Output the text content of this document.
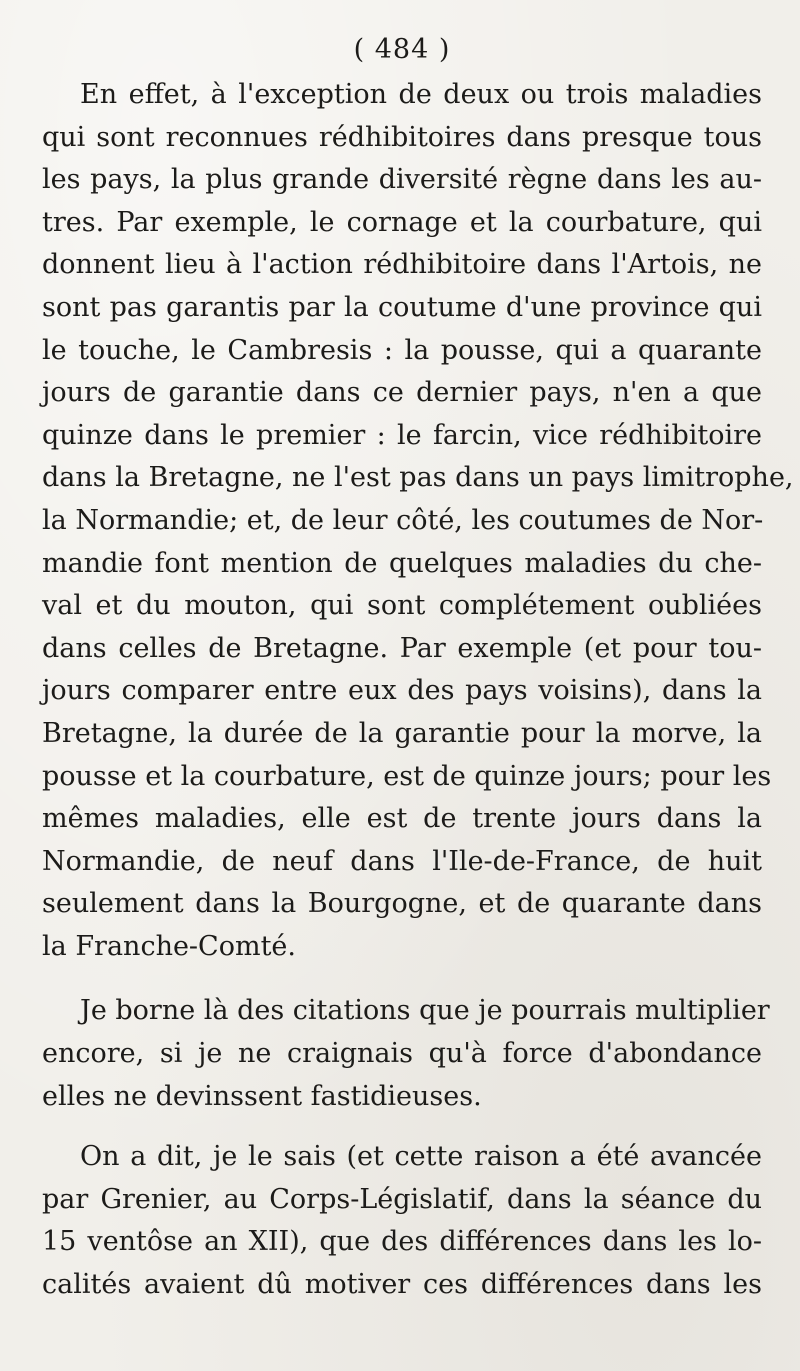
( 484 )
En effet, à l'exception de deux ou trois maladies
qui sont reconnues rédhibitoires dans presque tous
les pays, la plus grande diversité règne dans les au-
tres. Par exemple, le cornage et la courbature, qui
donnent lieu à l'action rédhibitoire dans l'Artois, ne
sont pas garantis par la coutume d'une province qui
le touche, le Cambresis : la pousse, qui a quarante
jours de garantie dans ce dernier pays, n'en a que
quinze dans le premier : le farcin, vice rédhibitoire
dans la Bretagne, ne l'est pas dans un pays limitrophe,
la Normandie; et, de leur côté, les coutumes de Nor-
mandie font mention de quelques maladies du che-
val et du mouton, qui sont complétement oubliées
dans celles de Bretagne. Par exemple (et pour tou-
jours comparer entre eux des pays voisins), dans la
Bretagne, la durée de la garantie pour la morve, la
pousse et la courbature, est de quinze jours; pour les
mêmes maladies, elle est de trente jours dans la
Normandie, de neuf dans l'Ile-de-France, de huit
seulement dans la Bourgogne, et de quarante dans
la Franche-Comté.
Je borne là des citations que je pourrais multiplier
encore, si je ne craignais qu'à force d'abondance
elles ne devinssent fastidieuses.
On a dit, je le sais (et cette raison a été avancée
par Grenier, au Corps-Législatif, dans la séance du
15 ventôse an XII), que des différences dans les lo-
calités avaient dû motiver ces différences dans les
